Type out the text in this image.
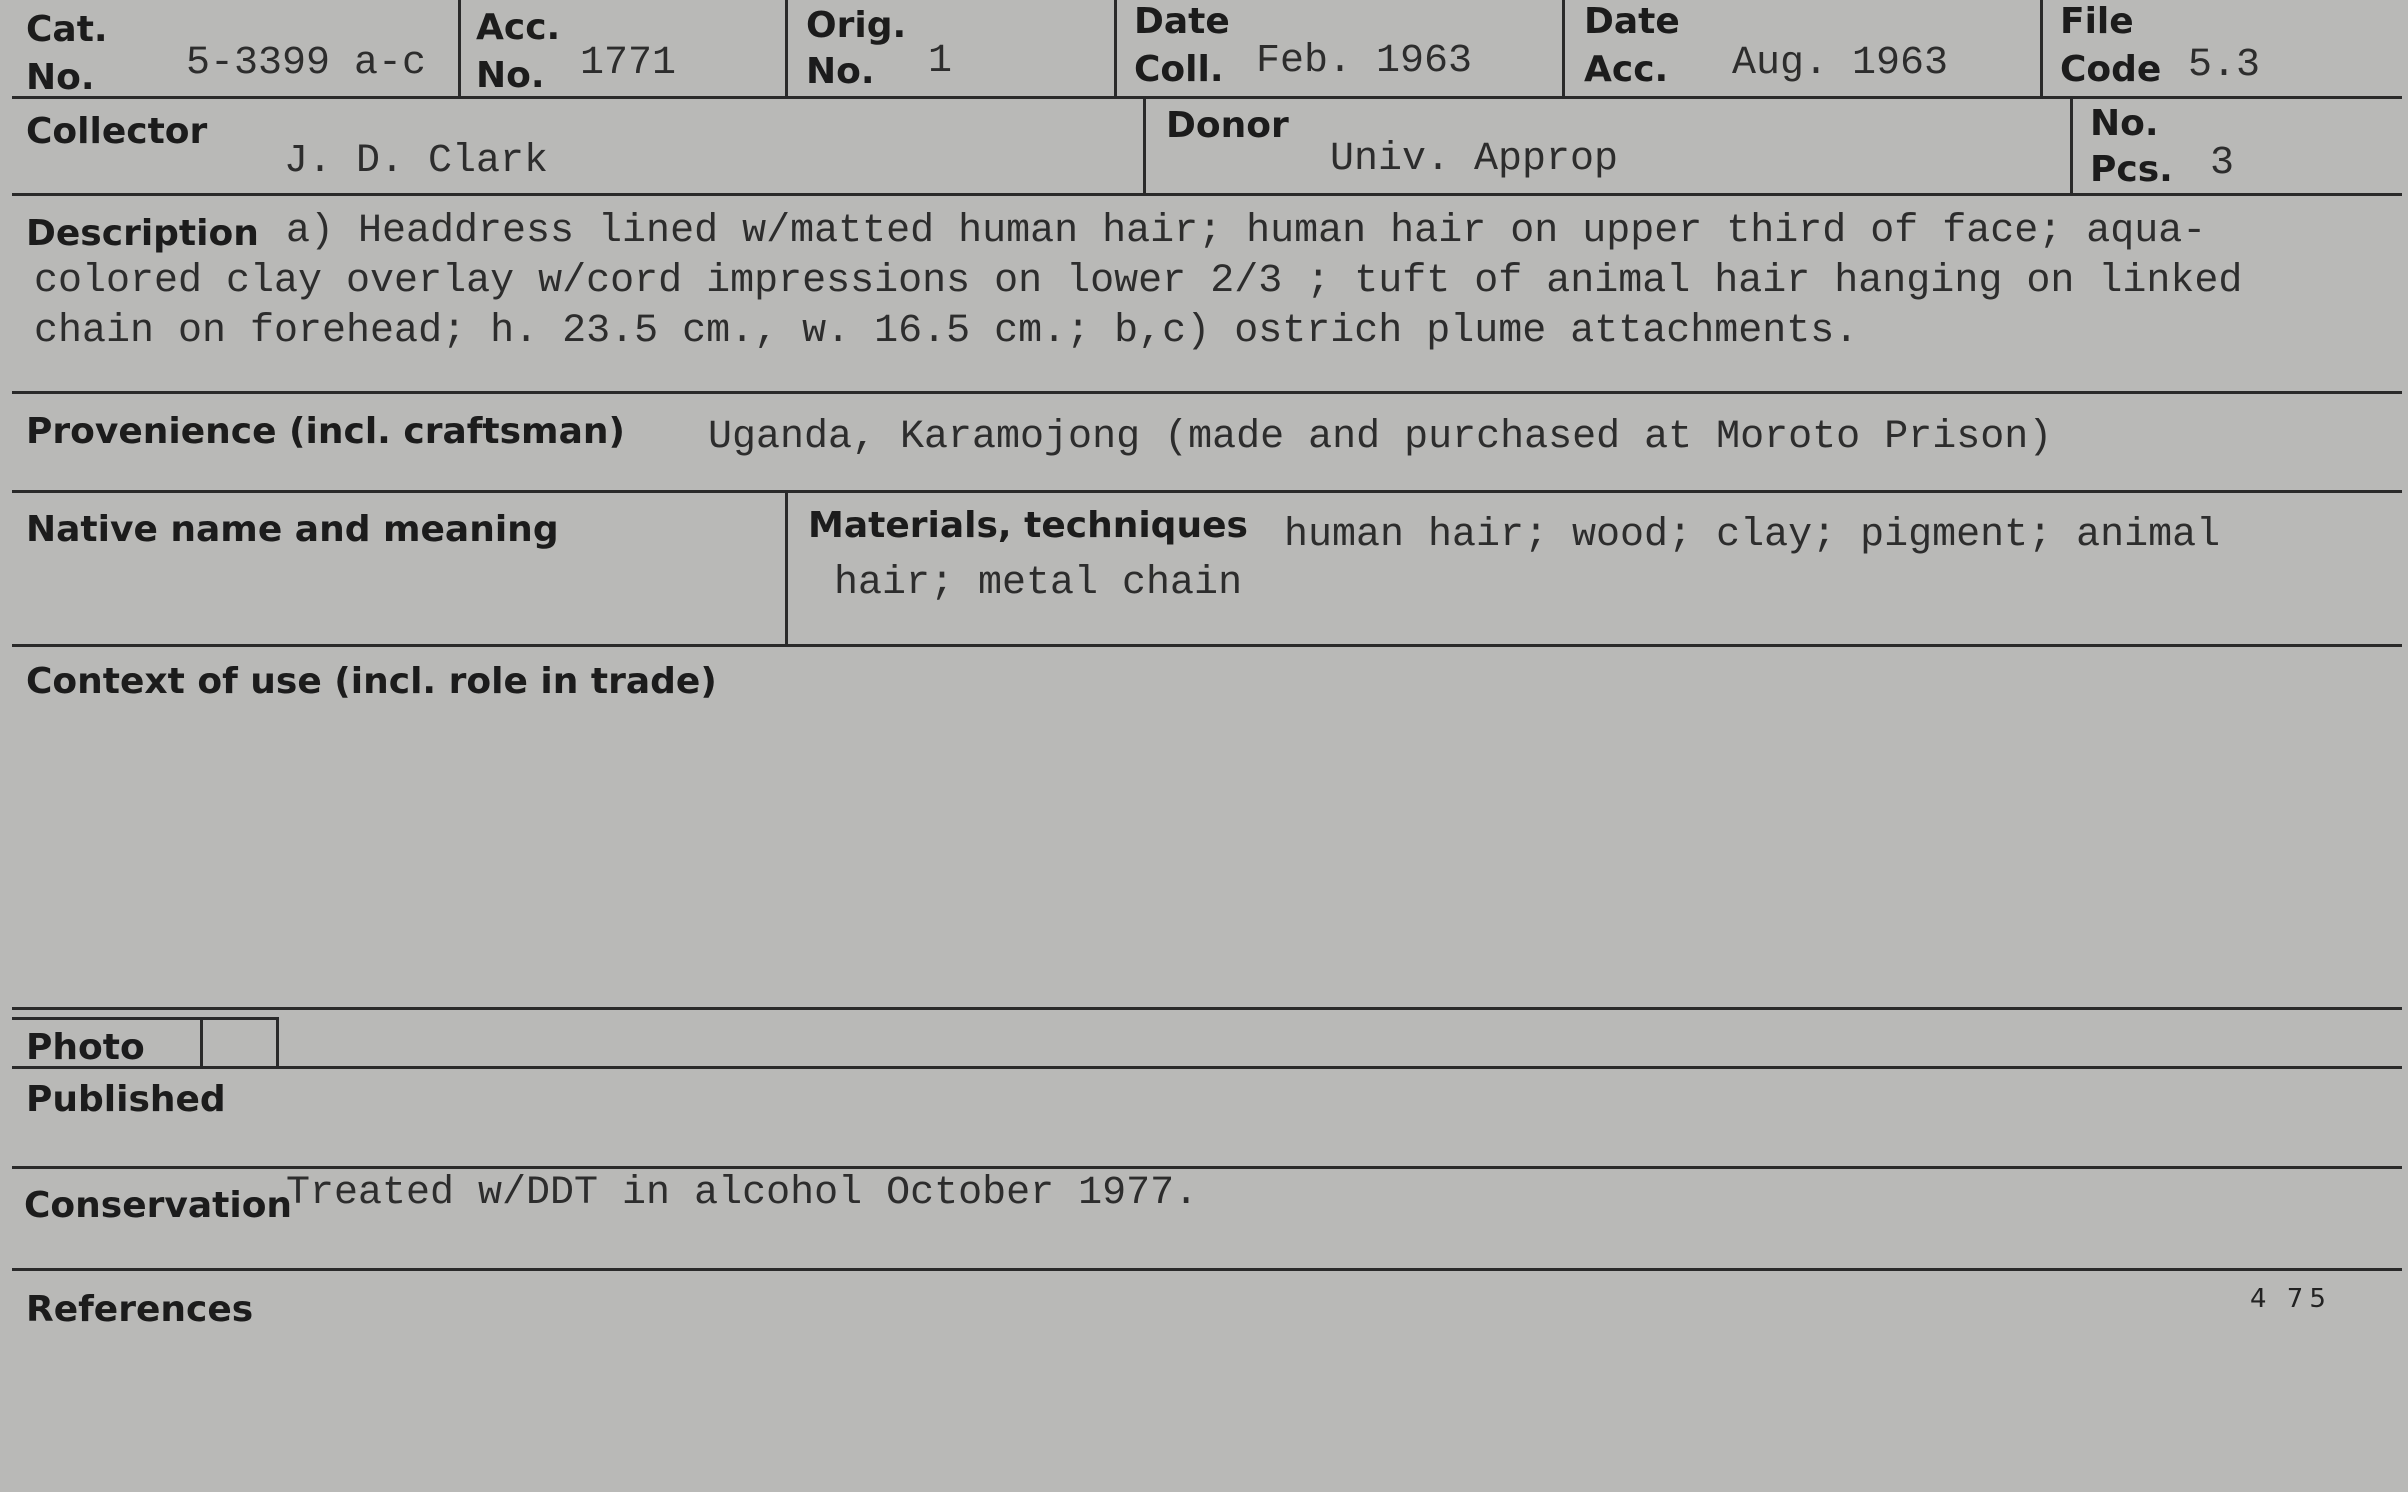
Cat.
No. 5-3399 a-c
Acc.
No. 1771
Orig.
No. 1
Date
Coll. Feb. 1963
Date
Acc. Aug. 1963
File
Code 5.3
Collector
J. D. Clark
Donor
Univ. Approp
No.
Pcs. 3
Description a) Headdress lined w/matted human hair; human hair on upper third of face; aqua-
colored clay overlay w/cord impressions on lower 2/3 ; tuft of animal hair hanging on linked
chain on forehead; h. 23.5 cm., w. 16.5 cm.; b,c) ostrich plume attachments.
Provenience (incl. craftsman) Uganda, Karamojong (made and purchased at Moroto Prison)
Native name and meaning	Materials, techniques human hair; wood; clay; pigment; animal
hair; metal chain
Context of use (incl. role in trade)
Photo
Published
Conservation
Treated w/DDT in alcohol October 1977.
References	4 75
